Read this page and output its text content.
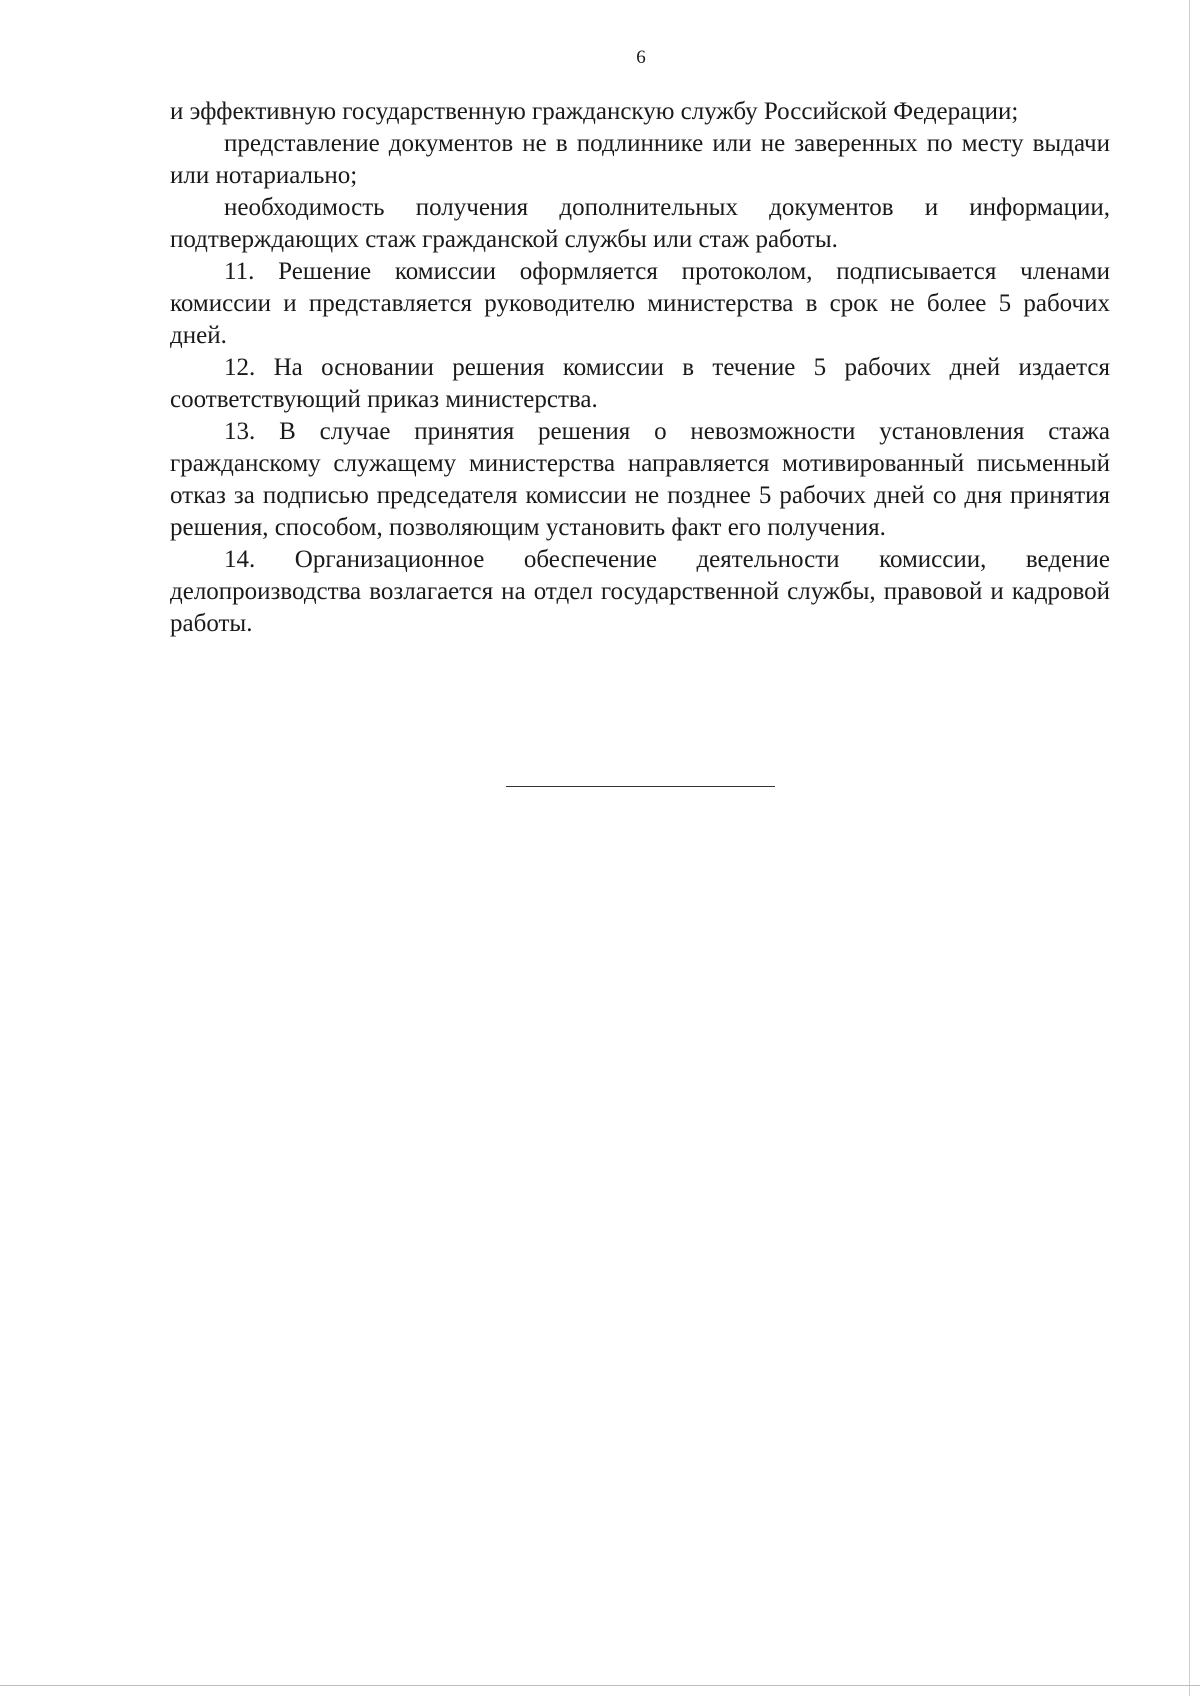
6

и эффективную государственную гражданскую службу Российской Федерации;

представление документов не в подлиннике или не заверенных по месту выдачи или нотариально;

необходимость получения дополнительных документов и информации, подтверждающих стаж гражданской службы или стаж работы.

11. Решение комиссии оформляется протоколом, подписывается членами комиссии и представляется руководителю министерства в срок не более 5 рабочих дней.

12. На основании решения комиссии в течение 5 рабочих дней издается соответствующий приказ министерства.

13. В случае принятия решения о невозможности установления стажа гражданскому служащему министерства направляется мотивированный письменный отказ за подписью председателя комиссии не позднее 5 рабочих дней со дня принятия решения, способом, позволяющим установить факт его получения.

14. Организационное обеспечение деятельности комиссии, ведение делопроизводства возлагается на отдел государственной службы, правовой и кадровой работы.
